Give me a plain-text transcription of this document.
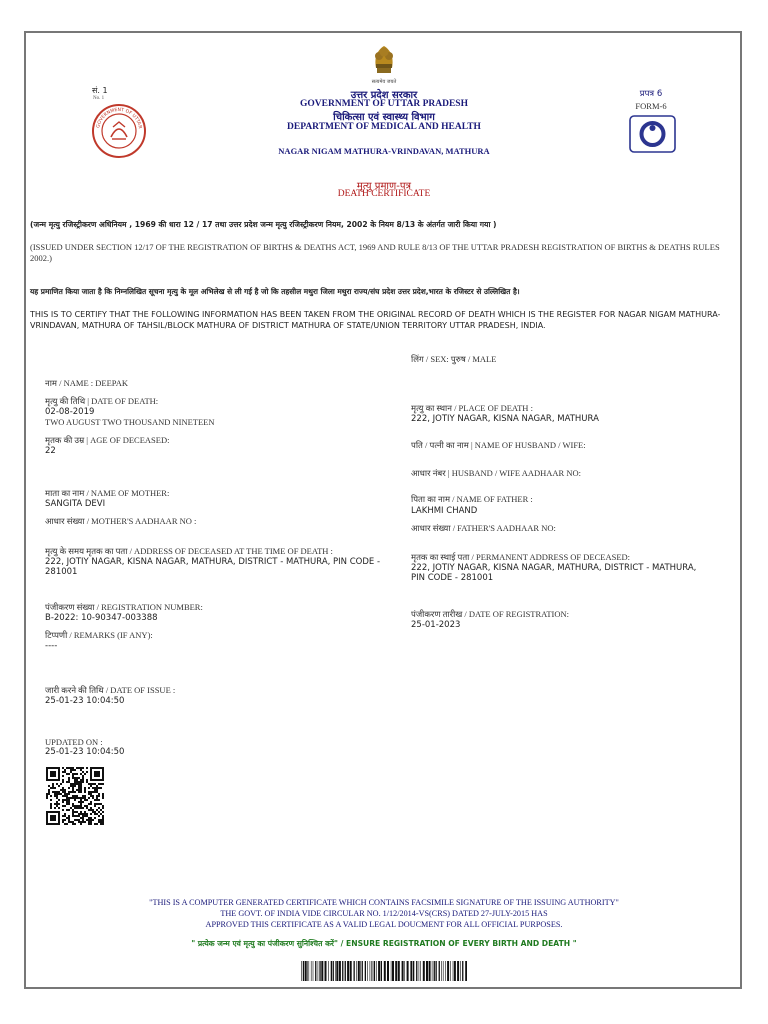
सत्यमेव जयते
सं. 1
No. 1
GOVERNMENT OF UTTAR
उत्तर प्रदेश सरकार
GOVERNMENT OF UTTAR PRADESH
चिकित्सा एवं स्वास्थ्य विभाग
DEPARTMENT OF MEDICAL AND HEALTH
प्रपत्र 6
FORM-6
NAGAR NIGAM MATHURA-VRINDAVAN, MATHURA
मृत्यु प्रमाण-पत्र
DEATH CERTIFICATE
(जन्म मृत्यु रजिस्ट्रीकरण अधिनियम , 1969 की धारा 12 / 17 तथा उत्तर प्रदेश जन्म मृत्यु रजिस्ट्रीकरण नियम, 2002 के नियम 8/13 के अंतर्गत जारी किया गया )
(ISSUED UNDER SECTION 12/17 OF THE REGISTRATION OF BIRTHS & DEATHS ACT, 1969 AND RULE 8/13 OF THE UTTAR PRADESH REGISTRATION OF BIRTHS & DEATHS RULES 2002.)
यह प्रमाणित किया जाता है कि निम्नलिखित सूचना मृत्यु के मूल अभिलेख से ली गई है जो कि तहसील मथुरा जिला मथुरा राज्य/संघ प्रदेश उत्तर प्रदेश,भारत के रजिस्टर से उल्लिखित है।
THIS IS TO CERTIFY THAT THE FOLLOWING INFORMATION HAS BEEN TAKEN FROM THE ORIGINAL RECORD OF DEATH WHICH IS THE REGISTER FOR NAGAR NIGAM MATHURA-VRINDAVAN, MATHURA OF TAHSIL/BLOCK MATHURA OF DISTRICT MATHURA OF STATE/UNION TERRITORY UTTAR PRADESH, INDIA.
लिंग / SEX: पुरुष / MALE
नाम / NAME : DEEPAK
मृत्यु की तिथि | DATE OF DEATH:
02-08-2019
TWO AUGUST TWO THOUSAND NINETEEN
मृतक की उम्र | AGE OF DECEASED:
22
माता का नाम / NAME OF MOTHER:
SANGITA DEVI
आधार संख्या / MOTHER'S AADHAAR NO :
मृत्यु के समय मृतक का पता / ADDRESS OF DECEASED AT THE TIME OF DEATH :
222, JOTIY NAGAR, KISNA NAGAR, MATHURA, DISTRICT - MATHURA, PIN CODE - 281001
पंजीकरण संख्या / REGISTRATION NUMBER:
B-2022: 10-90347-003388
टिप्पणी / REMARKS (IF ANY):
----
जारी करने की तिथि / DATE OF ISSUE :
25-01-23 10:04:50
UPDATED ON :
25-01-23 10:04:50
मृत्यु का स्थान / PLACE OF DEATH :
222, JOTIY NAGAR, KISNA NAGAR, MATHURA
पति / पत्नी का नाम | NAME OF HUSBAND / WIFE:
आधार नंबर | HUSBAND / WIFE AADHAAR NO:
पिता का नाम / NAME OF FATHER :
LAKHMI CHAND
आधार संख्या / FATHER'S AADHAAR NO:
मृतक का स्थाई पता / PERMANENT ADDRESS OF DECEASED:
222, JOTIY NAGAR, KISNA NAGAR, MATHURA, DISTRICT - MATHURA, PIN CODE - 281001
पंजीकरण तारीख / DATE OF REGISTRATION:
25-01-2023
"THIS IS A COMPUTER GENERATED CERTIFICATE WHICH CONTAINS FACSIMILE SIGNATURE OF THE ISSUING AUTHORITY"
THE GOVT. OF INDIA VIDE CIRCULAR NO. 1/12/2014-VS(CRS) DATED 27-JULY-2015 HAS
APPROVED THIS CERTIFICATE AS A VALID LEGAL DOUCMENT FOR ALL OFFICIAL PURPOSES.
" प्रत्येक जन्म एवं मृत्यु का पंजीकरण सुनिश्चित करें" / ENSURE REGISTRATION OF EVERY BIRTH AND DEATH "
